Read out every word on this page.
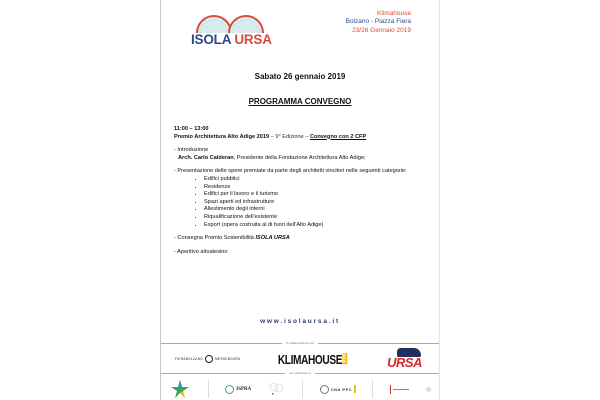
ISOLA URSA
Klimahouse
Bolzano - Piazza Fiera
23/26 Gennaio 2019
Sabato 26 gennaio 2019
PROGRAMMA CONVEGNO

11:00 – 13:00

Premio Architettura Alto Adige 2019 – 9° Edizione – Convegno con 2 CFP

- Introduzione

Arch. Carlo Calderan, Presidente della Fondazione Architettura Alto Adige;

- Presentazione delle opere premiate da parte degli architetti vincitori nelle seguenti categorie:

• Edifici pubblici
• Residenze
• Edifici per il lavoro e il turismo
• Spazi aperti ed infrastrutture
• Allestimento degli interni
• Riqualificazione dell’esistente
• Export (opera costruita al di fuori dell’Alto Adige)

- Consegna Premio Sostenibilità ISOLA URSA

- Aperitivo altoatesino

www.isolaursa.it
in collaborazione con
FIERABOLZANO	MESSEBOZEN	KLIMAHOUSE 2019	URSA
con patrocinio di
ISPRA	CNA PPC
